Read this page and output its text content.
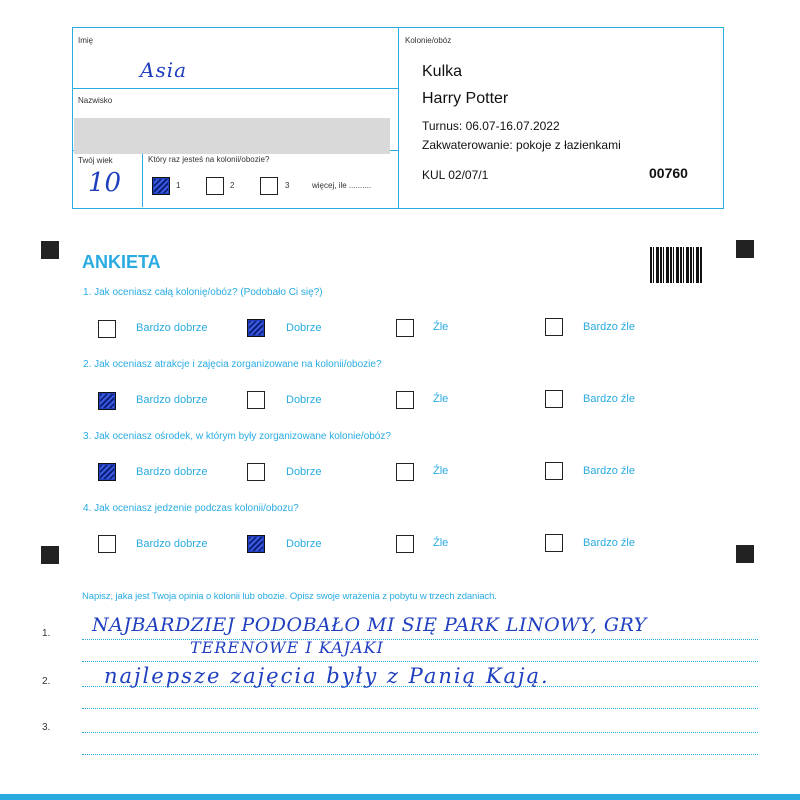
Imię
Asia
Nazwisko
Twój wiek
10
Który raz jesteś na kolonii/obozie?
1	2	3	więcej, ile ..........
Kolonie/obóz
Kulka
Harry Potter
Turnus: 06.07-16.07.2022
Zakwaterowanie: pokoje z łazienkami
KUL 02/07/1	00760
ANKIETA
1. Jak oceniasz całą kolonię/obóz? (Podobało Ci się?)
2. Jak oceniasz atrakcje i zajęcia zorganizowane na kolonii/obozie?
3. Jak oceniasz ośrodek, w którym były zorganizowane kolonie/obóz?
4. Jak oceniasz jedzenie podczas kolonii/obozu?
Bardzo dobrze	Dobrze	Źle	Bardzo źle
Bardzo dobrze	Dobrze	Źle	Bardzo źle
Bardzo dobrze	Dobrze	Źle	Bardzo źle
Bardzo dobrze	Dobrze	Źle	Bardzo źle
Napisz, jaka jest Twoja opinia o kolonii lub obozie. Opisz swoje wrażenia z pobytu w trzech zdaniach.
1.
2.
3.
NAJBARDZIEJ PODOBAŁO MI SIĘ PARK LINOWY, GRY
TERENOWE I KAJAKI
najlepsze zajęcia były z Panią Kają.
